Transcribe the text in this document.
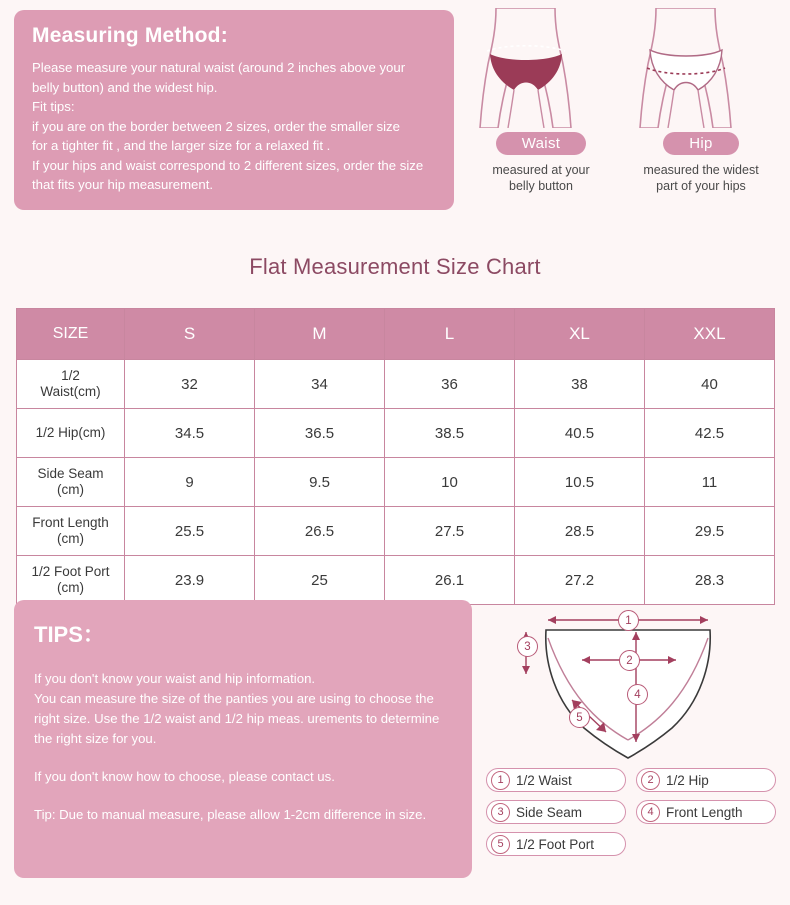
Measuring Method:
Please measure your natural waist (around 2 inches above your
belly button) and the widest hip.
Fit tips:
if you are on the border between 2 sizes, order the smaller size
for a tighter fit , and the larger size for a relaxed fit .
If your hips and waist correspond to 2 different sizes, order the size
that fits your hip measurement.
Waist
measured at your
belly button
Hip
measured the widest
part of your hips
Flat Measurement Size Chart
SIZE	S	M	L	XL	XXL

1/2
Waist(cm)	32	34	36	38	40

1/2 Hip(cm)	34.5	36.5	38.5	40.5	42.5

Side Seam
(cm)	9	9.5	10	10.5	11

Front Length
(cm)	25.5	26.5	27.5	28.5	29.5

1/2 Foot Port
(cm)	23.9	25	26.1	27.2	28.3
TIPS：
If you don't know your waist and hip information.
You can measure the size of the panties you are using to choose the
right size. Use the 1/2 waist and 1/2 hip meas. urements to determine
the right size for you.
If you don't know how to choose, please contact us.
Tip: Due to manual measure, please allow 1-2cm difference in size.
1
2
3
4
5
1 1/2 Waist	2 1/2 Hip
3 Side Seam	4 Front Length
5 1/2 Foot Port
